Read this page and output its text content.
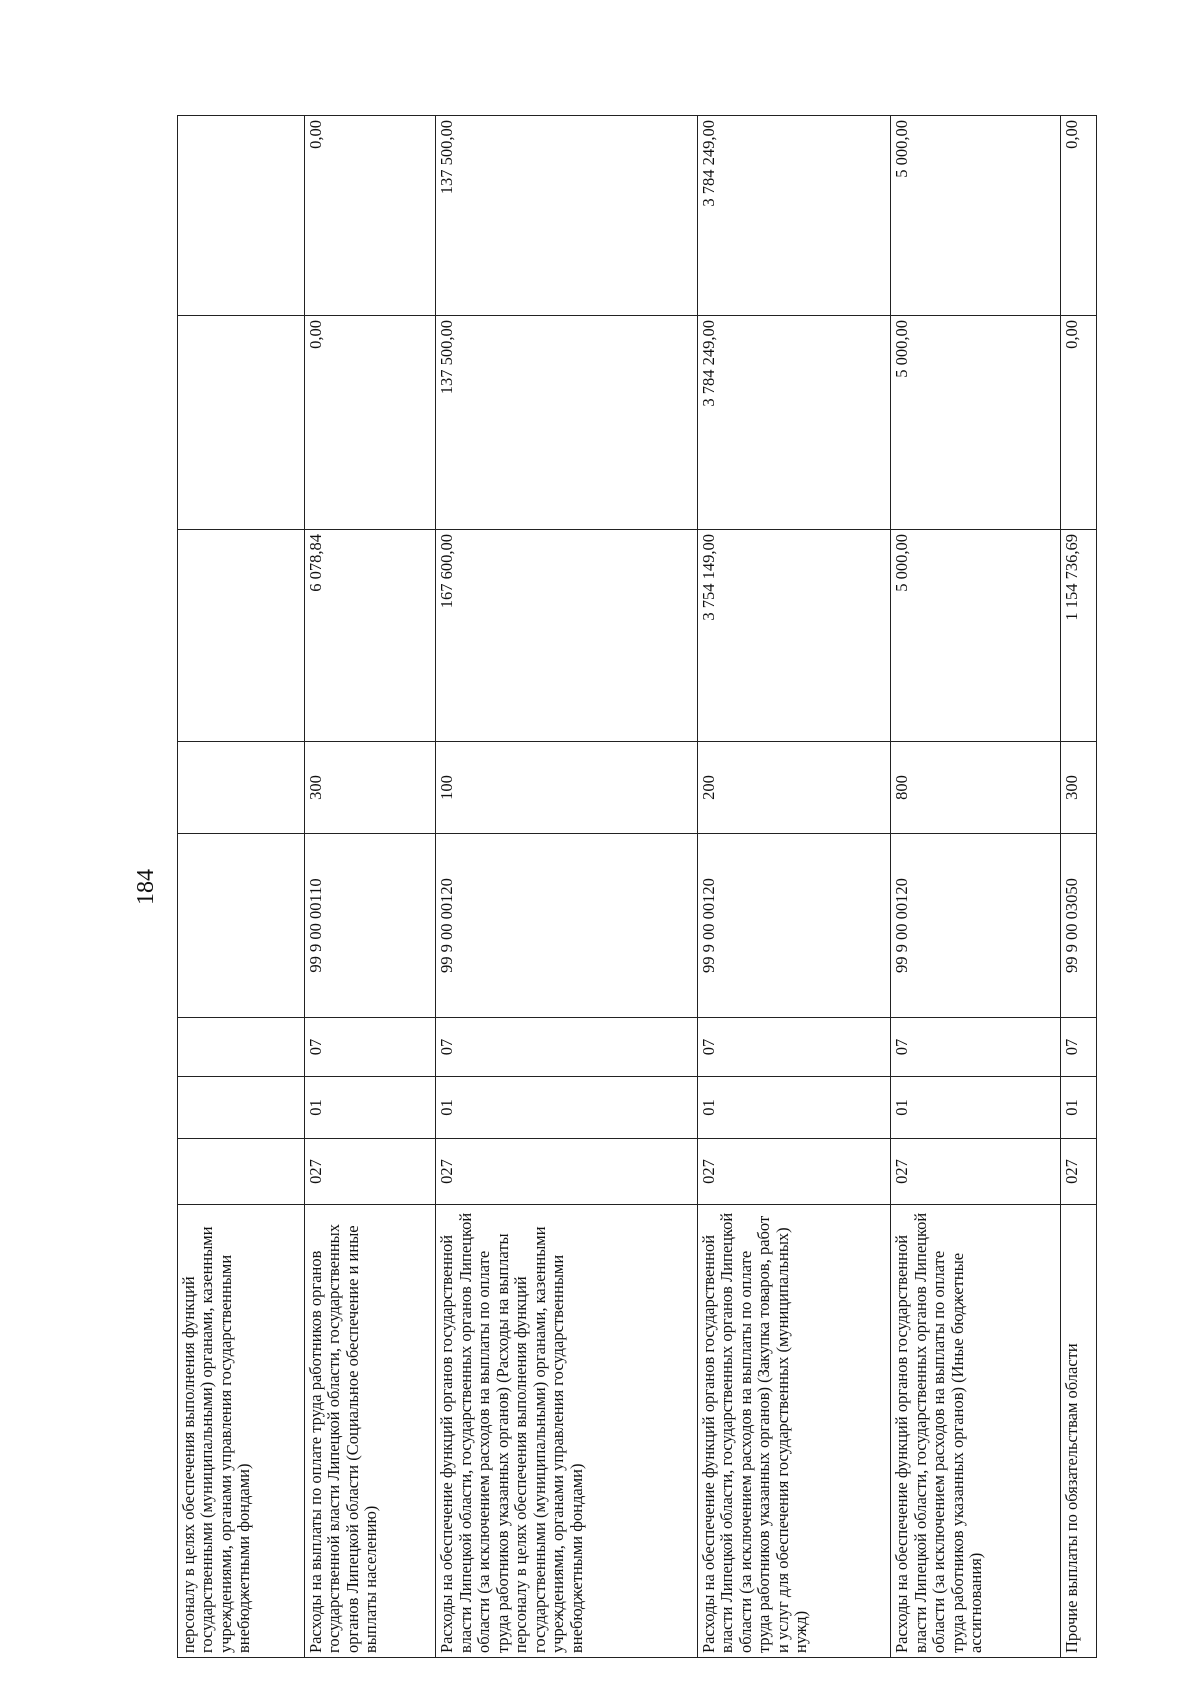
184
персоналу в целях обеспечения выполнения функций государственными (муниципальными) органами, казенными учреждениями, органами управления государственными внебюджетными фондами)								
Расходы на выплаты по оплате труда работников органов государственной власти Липецкой области, государственных органов Липецкой области (Социальное обеспечение и иные выплаты населению)	027	01	07	99 9 00 00110	300	6 078,84	0,00	0,00
Расходы на обеспечение функций органов государственной власти Липецкой области, государственных органов Липецкой области (за исключением расходов на выплаты по оплате труда работников указанных органов) (Расходы на выплаты персоналу в целях обеспечения выполнения функций государственными (муниципальными) органами, казенными учреждениями, органами управления государственными внебюджетными фондами)	027	01	07	99 9 00 00120	100	167 600,00	137 500,00	137 500,00
Расходы на обеспечение функций органов государственной власти Липецкой области, государственных органов Липецкой области (за исключением расходов на выплаты по оплате труда работников указанных органов) (Закупка товаров, работ и услуг для обеспечения государственных (муниципальных) нужд)	027	01	07	99 9 00 00120	200	3 754 149,00	3 784 249,00	3 784 249,00
Расходы на обеспечение функций органов государственной власти Липецкой области, государственных органов Липецкой области (за исключением расходов на выплаты по оплате труда работников указанных органов) (Иные бюджетные ассигнования)	027	01	07	99 9 00 00120	800	5 000,00	5 000,00	5 000,00
Прочие выплаты по обязательствам области	027	01	07	99 9 00 03050	300	1 154 736,69	0,00	0,00
